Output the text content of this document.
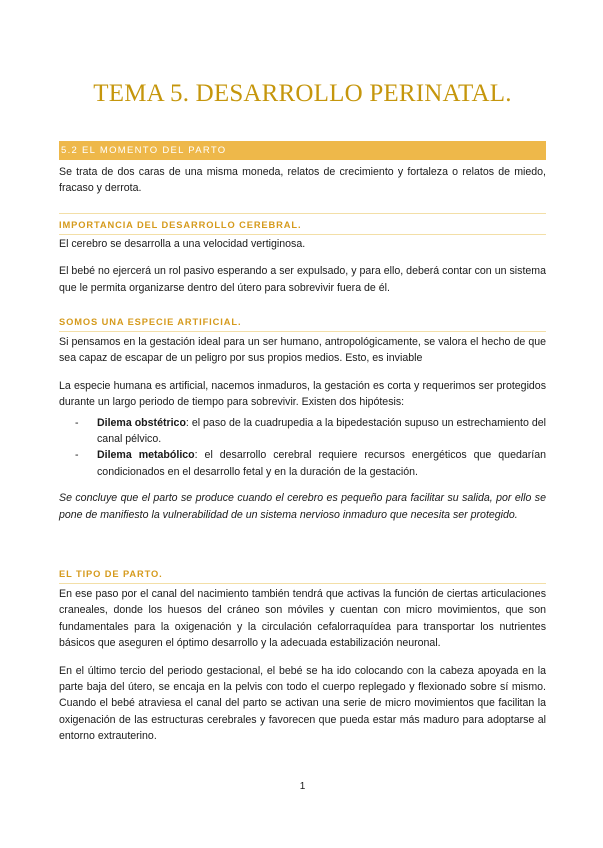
TEMA 5. DESARROLLO PERINATAL.
5.2 EL MOMENTO DEL PARTO

Se trata de dos caras de una misma moneda, relatos de crecimiento y fortaleza o relatos de miedo, fracaso y derrota.

IMPORTANCIA DEL DESARROLLO CEREBRAL.

El cerebro se desarrolla a una velocidad vertiginosa.

El bebé no ejercerá un rol pasivo esperando a ser expulsado, y para ello, deberá contar con un sistema que le permita organizarse dentro del útero para sobrevivir fuera de él.

SOMOS UNA ESPECIE ARTIFICIAL.

Si pensamos en la gestación ideal para un ser humano, antropológicamente, se valora el hecho de que sea capaz de escapar de un peligro por sus propios medios. Esto, es inviable

La especie humana es artificial, nacemos inmaduros, la gestación es corta y requerimos ser protegidos durante un largo periodo de tiempo para sobrevivir. Existen dos hipótesis:

- Dilema obstétrico: el paso de la cuadrupedia a la bipedestación supuso un estrechamiento del canal pélvico.
- Dilema metabólico: el desarrollo cerebral requiere recursos energéticos que quedarían condicionados en el desarrollo fetal y en la duración de la gestación.

Se concluye que el parto se produce cuando el cerebro es pequeño para facilitar su salida, por ello se pone de manifiesto la vulnerabilidad de un sistema nervioso inmaduro que necesita ser protegido.

EL TIPO DE PARTO.

En ese paso por el canal del nacimiento también tendrá que activas la función de ciertas articulaciones craneales, donde los huesos del cráneo son móviles y cuentan con micro movimientos, que son fundamentales para la oxigenación y la circulación cefalorraquídea para transportar los nutrientes básicos que aseguren el óptimo desarrollo y la adecuada estabilización neuronal.

En el último tercio del periodo gestacional, el bebé se ha ido colocando con la cabeza apoyada en la parte baja del útero, se encaja en la pelvis con todo el cuerpo replegado y flexionado sobre sí mismo. Cuando el bebé atraviesa el canal del parto se activan una serie de micro movimientos que facilitan la oxigenación de las estructuras cerebrales y favorecen que pueda estar más maduro para adoptarse al entorno extrauterino.

1
